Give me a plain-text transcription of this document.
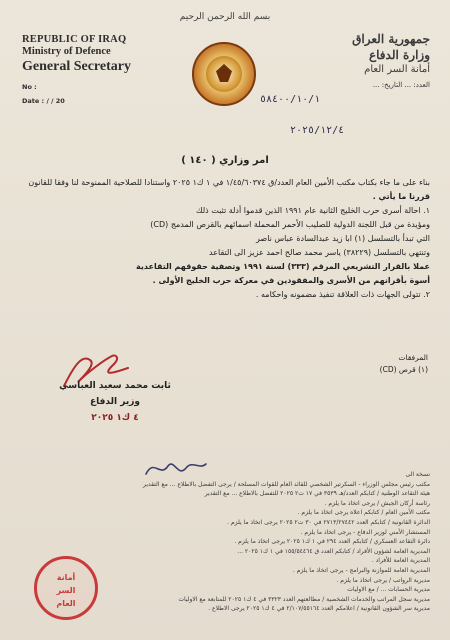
بسم الله الرحمن الرحيم
REPUBLIC OF IRAQ
Ministry of Defence
General Secretary
No :
Date : / / 20
جمهورية العراق
وزارة الدفاع
أمانة السر العام
العدد: ... التاريخ: ...
٥٨٤٠٠/١٠/١
٢٠٢٥/١٢/٤
امر وزاري ( ١٤٠ )

بناء على ما جاء بكتاب مكتب الأمين العام العدد/ق ١/٤٥/٦٠٣٧٤ في ١ ك١ ٢٠٢٥ واستنادا للصلاحية الممنوحة لنا وفقا للقانون

قررنا ما يأتي .

١. احالة أسرى حرب الخليج الثانية عام ١٩٩١ الذين قدموا أدلة تثبت ذلك

ومؤيدة من قبل اللجنة الدولية للصليب الأحمر المحملة اسمائهم بالقرص المدمج (CD)

التي تبدأ بالتسلسل (١) ابا زيد عبدالسادة عباس ناصر

وتنتهي بالتسلسل (٣٨٢٢٩) ياسر محمد صالح احمد عزيز الى التقاعد

عملا بالقرار التشريعي المرقم (٣٣٣) لسنة ١٩٩١ وتصفية حقوقهم التقاعدية

أسوة بأقرانهم من الأسرى والمفقودين في معركة حرب الخليج الأولى .

٢. تتولى الجهات ذات العلاقة تنفيذ مضمونه واحكامه .

المرفقات
(١) قرص (CD)
ثابت محمد سعيد العباسي
وزير الدفاع
٤ ك١ ٢٠٢٥

نسخة الى

مكتب رئيس مجلس الوزراء - السكرتير الشخصي للقائد العام للقوات المسلحة / يرجى التفضل بالاطلاع ... مع التقدير

هيئة التقاعد الوطنية / كتابكم العدد/هـ ٣٥٣٩ في ١٧ ت٢ ٢٠٢٥ للتفضل بالاطلاع ... مع التقدير

رئاسة أركان الجيش / يرجى اتخاذ ما يلزم .

مكتب الأمين العام / كتابكم اعلاه يرجى اتخاذ ما يلزم .

الدائرة القانونية / كتابكم العدد ٢٧١٣/٢٧٤٤٢ في ٣٠ ت٢ ٢٠٢٥ يرجى اتخاذ ما يلزم .

المستشار الأمني لوزير الدفاع - يرجى اتخاذ ما يلزم .

دائرة التقاعد العسكري / كتابكم العدد ٢٩٤ في ١ ك١ ٢٠٢٥ يرجى اتخاذ ما يلزم .

المديرية العامة لشؤون الأفراد / كتابكم العدد ق ١٥٥/٥٤٤٦٤ في ١ ك١ ٢٠٢٥ ...

المديرية العامة للأفراد .

المديرية العامة للموازنة والبرامج - يرجى اتخاذ ما يلزم .

مديرية الرواتب / يرجى اتخاذ ما يلزم .

مديرية الحسابات ... / مع الاوليات

مديرية سجل المراتب والخدمات الشخصية / مطالعتهم العدد ٣٣٢٣ في ٤ ك١ ٢٠٢٥ للمتابعة مع الاوليات

مديرية سر الشؤون القانونية / اعلامكم العدد ٢/١٠٧/٥٥١٦٤ في ٤ ك١ ٢٠٢٥ يرجى الاطلاع .

أمانة
السر
العام
